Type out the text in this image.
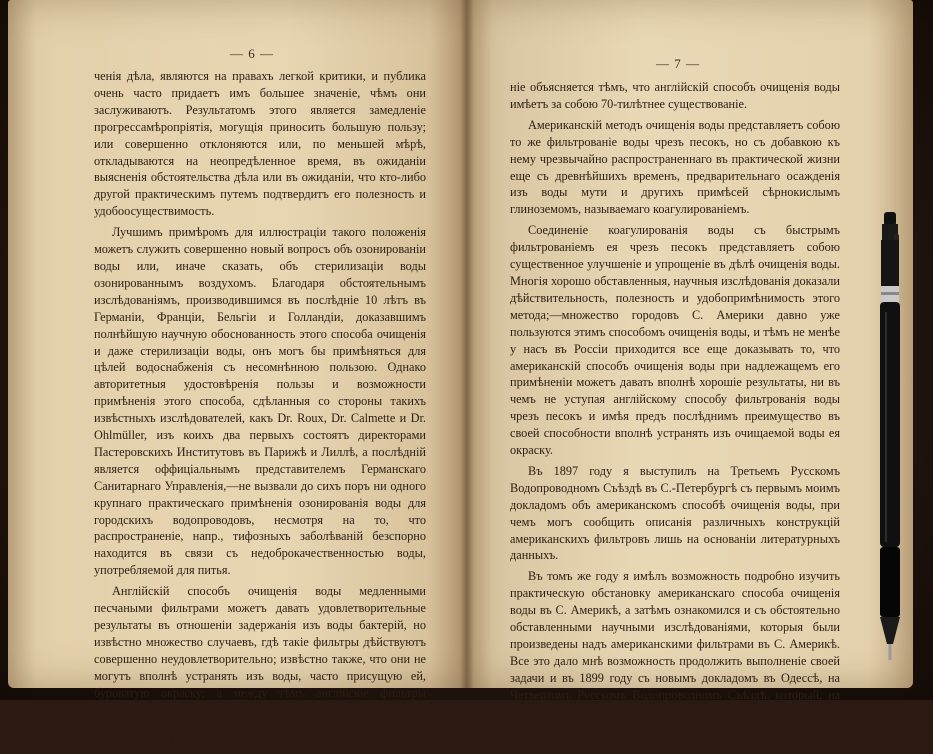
— 6 —

ченія дѣла, являются на правахъ легкой критики, и публика очень часто придаетъ имъ большее значеніе, чѣмъ они заслуживаютъ. Результатомъ этого является замедленіе прогрессамѣропріятія, могущія приносить большую пользу; или совершенно отклоняются или, по меньшей мѣрѣ, откладываются на неопредѣленное время, въ ожиданіи выясненія обстоятельства дѣла или въ ожиданіи, что кто-либо другой практическимъ путемъ подтвердитъ его полезность и удобоосуществимость.

Лучшимъ примѣромъ для иллюстраціи такого положенія можетъ служить совершенно новый вопросъ объ озонированіи воды или, иначе сказать, объ стерилизаціи воды озонированнымъ воздухомъ. Благодаря обстоятельнымъ изслѣдованіямъ, производившимся въ послѣдніе 10 лѣтъ въ Германіи, Франціи, Бельгіи и Голландіи, доказавшимъ полнѣйшую научную обоснованность этого способа очищенія и даже стерилизаціи воды, онъ могъ бы примѣняться для цѣлей водоснабженія съ несомнѣнною пользою. Однако авторитетныя удостовѣренія пользы и возможности примѣненія этого способа, сдѣланныя со стороны такихъ извѣстныхъ изслѣдователей, какъ Dr. Roux, Dr. Calmette и Dr. Ohlmüller, изъ коихъ два первыхъ состоятъ директорами Пастеровскихъ Институтовъ въ Парижѣ и Лиллѣ, а послѣдній является оффиціальнымъ представителемъ Германскаго Санитарнаго Управленія,—не вызвали до сихъ поръ ни одного крупнаго практическаго примѣненія озонированія воды для городскихъ водопроводовъ, несмотря на то, что распространеніе, напр., тифозныхъ заболѣваній безспорно находится въ связи съ недоброкачественностью воды, употребляемой для питья.

Англійскій способъ очищенія воды медленными песчаными фильтрами можетъ давать удовлетворительные результаты въ отношеніи задержанія изъ воды бактерій, но извѣстно множество случаевъ, гдѣ такіе фильтры дѣйствуютъ совершенно неудовлетворительно; извѣстно также, что они не могутъ вполнѣ устранять изъ воды, часто присущую ей, буроватую окраску; а между тѣмъ англійскіе фильтры находятъ постоянно новыя и новыя примѣненія, при чемъ ихъ недостатки ставятся внѣ вопроса, точно такъ же, какъ и ихъ достоинства. Такое положе-

— 7 —

ніе объясняется тѣмъ, что англійскій способъ очищенія воды имѣетъ за собою 70-тилѣтнее существованіе.

Американскій методъ очищенія воды представляетъ собою то же фильтрованіе воды чрезъ песокъ, но съ добавкою къ нему чрезвычайно распространеннаго въ практической жизни еще съ древнѣйшихъ временъ, предварительнаго осажденія изъ воды мути и другихъ примѣсей сѣрнокислымъ глиноземомъ, называемаго коагулированіемъ.

Соединеніе коагулированія воды съ быстрымъ фильтрованіемъ ея чрезъ песокъ представляетъ собою существенное улучшеніе и упрощеніе въ дѣлѣ очищенія воды. Многія хорошо обставленныя, научныя изслѣдованія доказали дѣйствительность, полезность и удобопримѣнимость этого метода;—множество городовъ С. Америки давно уже пользуются этимъ способомъ очищенія воды, и тѣмъ не менѣе у насъ въ Россіи приходится все еще доказывать то, что американскій способъ очищенія воды при надлежащемъ его примѣненіи можетъ давать вполнѣ хорошіе результаты, ни въ чемъ не уступая англійскому способу фильтрованія воды чрезъ песокъ и имѣя предъ послѣднимъ преимущество въ своей способности вполнѣ устранять изъ очищаемой воды ея окраску.

Въ 1897 году я выступилъ на Третьемъ Русскомъ Водопроводномъ Съѣздѣ въ С.-Петербургѣ съ первымъ моимъ докладомъ объ американскомъ способѣ очищенія воды, при чемъ могъ сообщить описанія различныхъ конструкцій американскихъ фильтровъ лишь на основаніи литературныхъ данныхъ.

Въ томъ же году я имѣлъ возможность подробно изучить практическую обстановку американскаго способа очищенія воды въ С. Америкѣ, а затѣмъ ознакомился и съ обстоятельно обставленными научными изслѣдованіями, которыя были произведены надъ американскими фильтрами въ С. Америкѣ. Все это дало мнѣ возможность продолжить выполненіе своей задачи и въ 1899 году съ новымъ докладомъ въ Одессѣ, на Четвертомъ Русскомъ Водопроводномъ Съѣздѣ, который, на основаніи заключенія спеціальной Коммиссіи, призналъ полезность американскаго метода очищенія воды для городскихъ водопроводовъ и научную его обоснованность.
